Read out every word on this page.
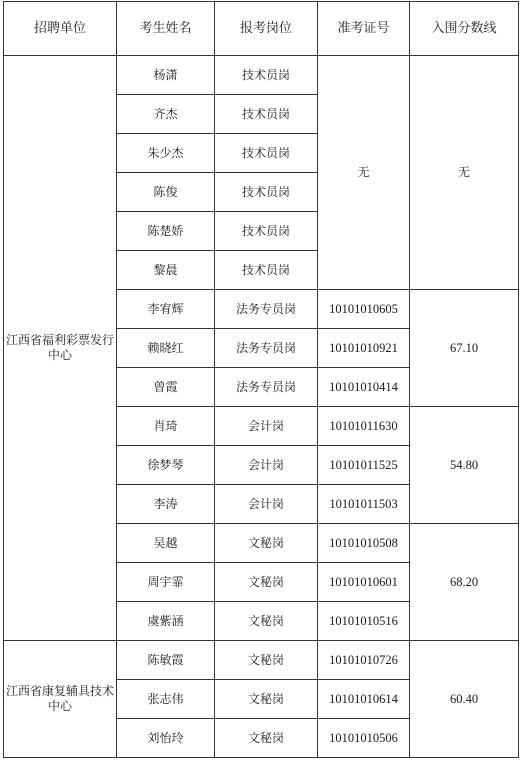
招聘单位	考生姓名	报考岗位	准考证号	入围分数线
江西省福利彩票发行中心	杨潇	技术员岗	无	无
	齐杰	技术员岗		
	朱少杰	技术员岗		
	陈俊	技术员岗		
	陈楚娇	技术员岗		
	黎晨	技术员岗		
	李宥辉	法务专员岗	10101010605	67.10
	赖晓红	法务专员岗	10101010921	
	曾霞	法务专员岗	10101010414	
	肖琦	会计岗	10101011630	54.80
	徐梦琴	会计岗	10101011525	
	李涛	会计岗	10101011503	
	吴越	文秘岗	10101010508	68.20
	周宇霏	文秘岗	10101010601	
	虞紫涵	文秘岗	10101010516	
江西省康复辅具技术中心	陈敏霞	文秘岗	10101010726	60.40
	张志伟	文秘岗	10101010614	
	刘怡玲	文秘岗	10101010506	
